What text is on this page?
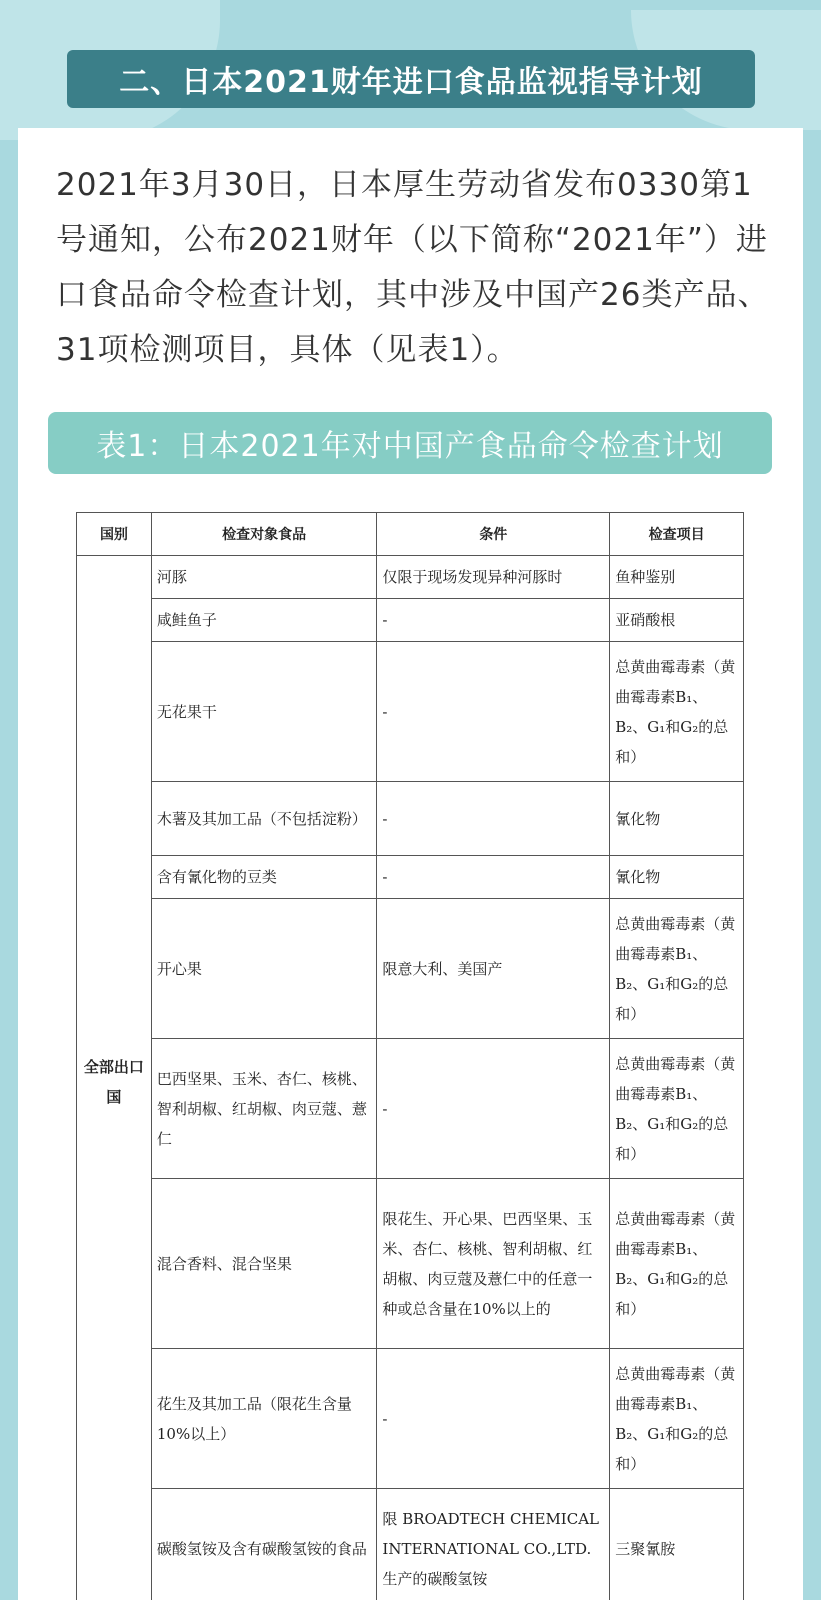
二、日本2021财年进口食品监视指导计划

2021年3月30日，日本厚生劳动省发布0330第1号通知，公布2021财年（以下简称“2021年”）进口食品命令检查计划，其中涉及中国产26类产品、31项检测项目，具体（见表1）。

表1：日本2021年对中国产食品命令检查计划
国别	检查对象食品	条件	检查项目
全部出口国	河豚	仅限于现场发现异种河豚时	鱼种鉴别
	咸鲑鱼子	-	亚硝酸根
	无花果干	-	总黄曲霉毒素（黄曲霉毒素B₁、B₂、G₁和G₂的总和）
	木薯及其加工品（不包括淀粉）	-	氰化物
	含有氰化物的豆类	-	氰化物
	开心果	限意大利、美国产	总黄曲霉毒素（黄曲霉毒素B₁、B₂、G₁和G₂的总和）
	巴西坚果、玉米、杏仁、核桃、智利胡椒、红胡椒、肉豆蔻、薏仁	-	总黄曲霉毒素（黄曲霉毒素B₁、B₂、G₁和G₂的总和）
	混合香料、混合坚果	限花生、开心果、巴西坚果、玉米、杏仁、核桃、智利胡椒、红胡椒、肉豆蔻及薏仁中的任意一种或总含量在10%以上的	总黄曲霉毒素（黄曲霉毒素B₁、B₂、G₁和G₂的总和）
	花生及其加工品（限花生含量 10%以上）	-	总黄曲霉毒素（黄曲霉毒素B₁、B₂、G₁和G₂的总和）
	碳酸氢铵及含有碳酸氢铵的食品	限 BROADTECH CHEMICAL INTERNATIONAL CO.,LTD.生产的碳酸氢铵	三聚氰胺
